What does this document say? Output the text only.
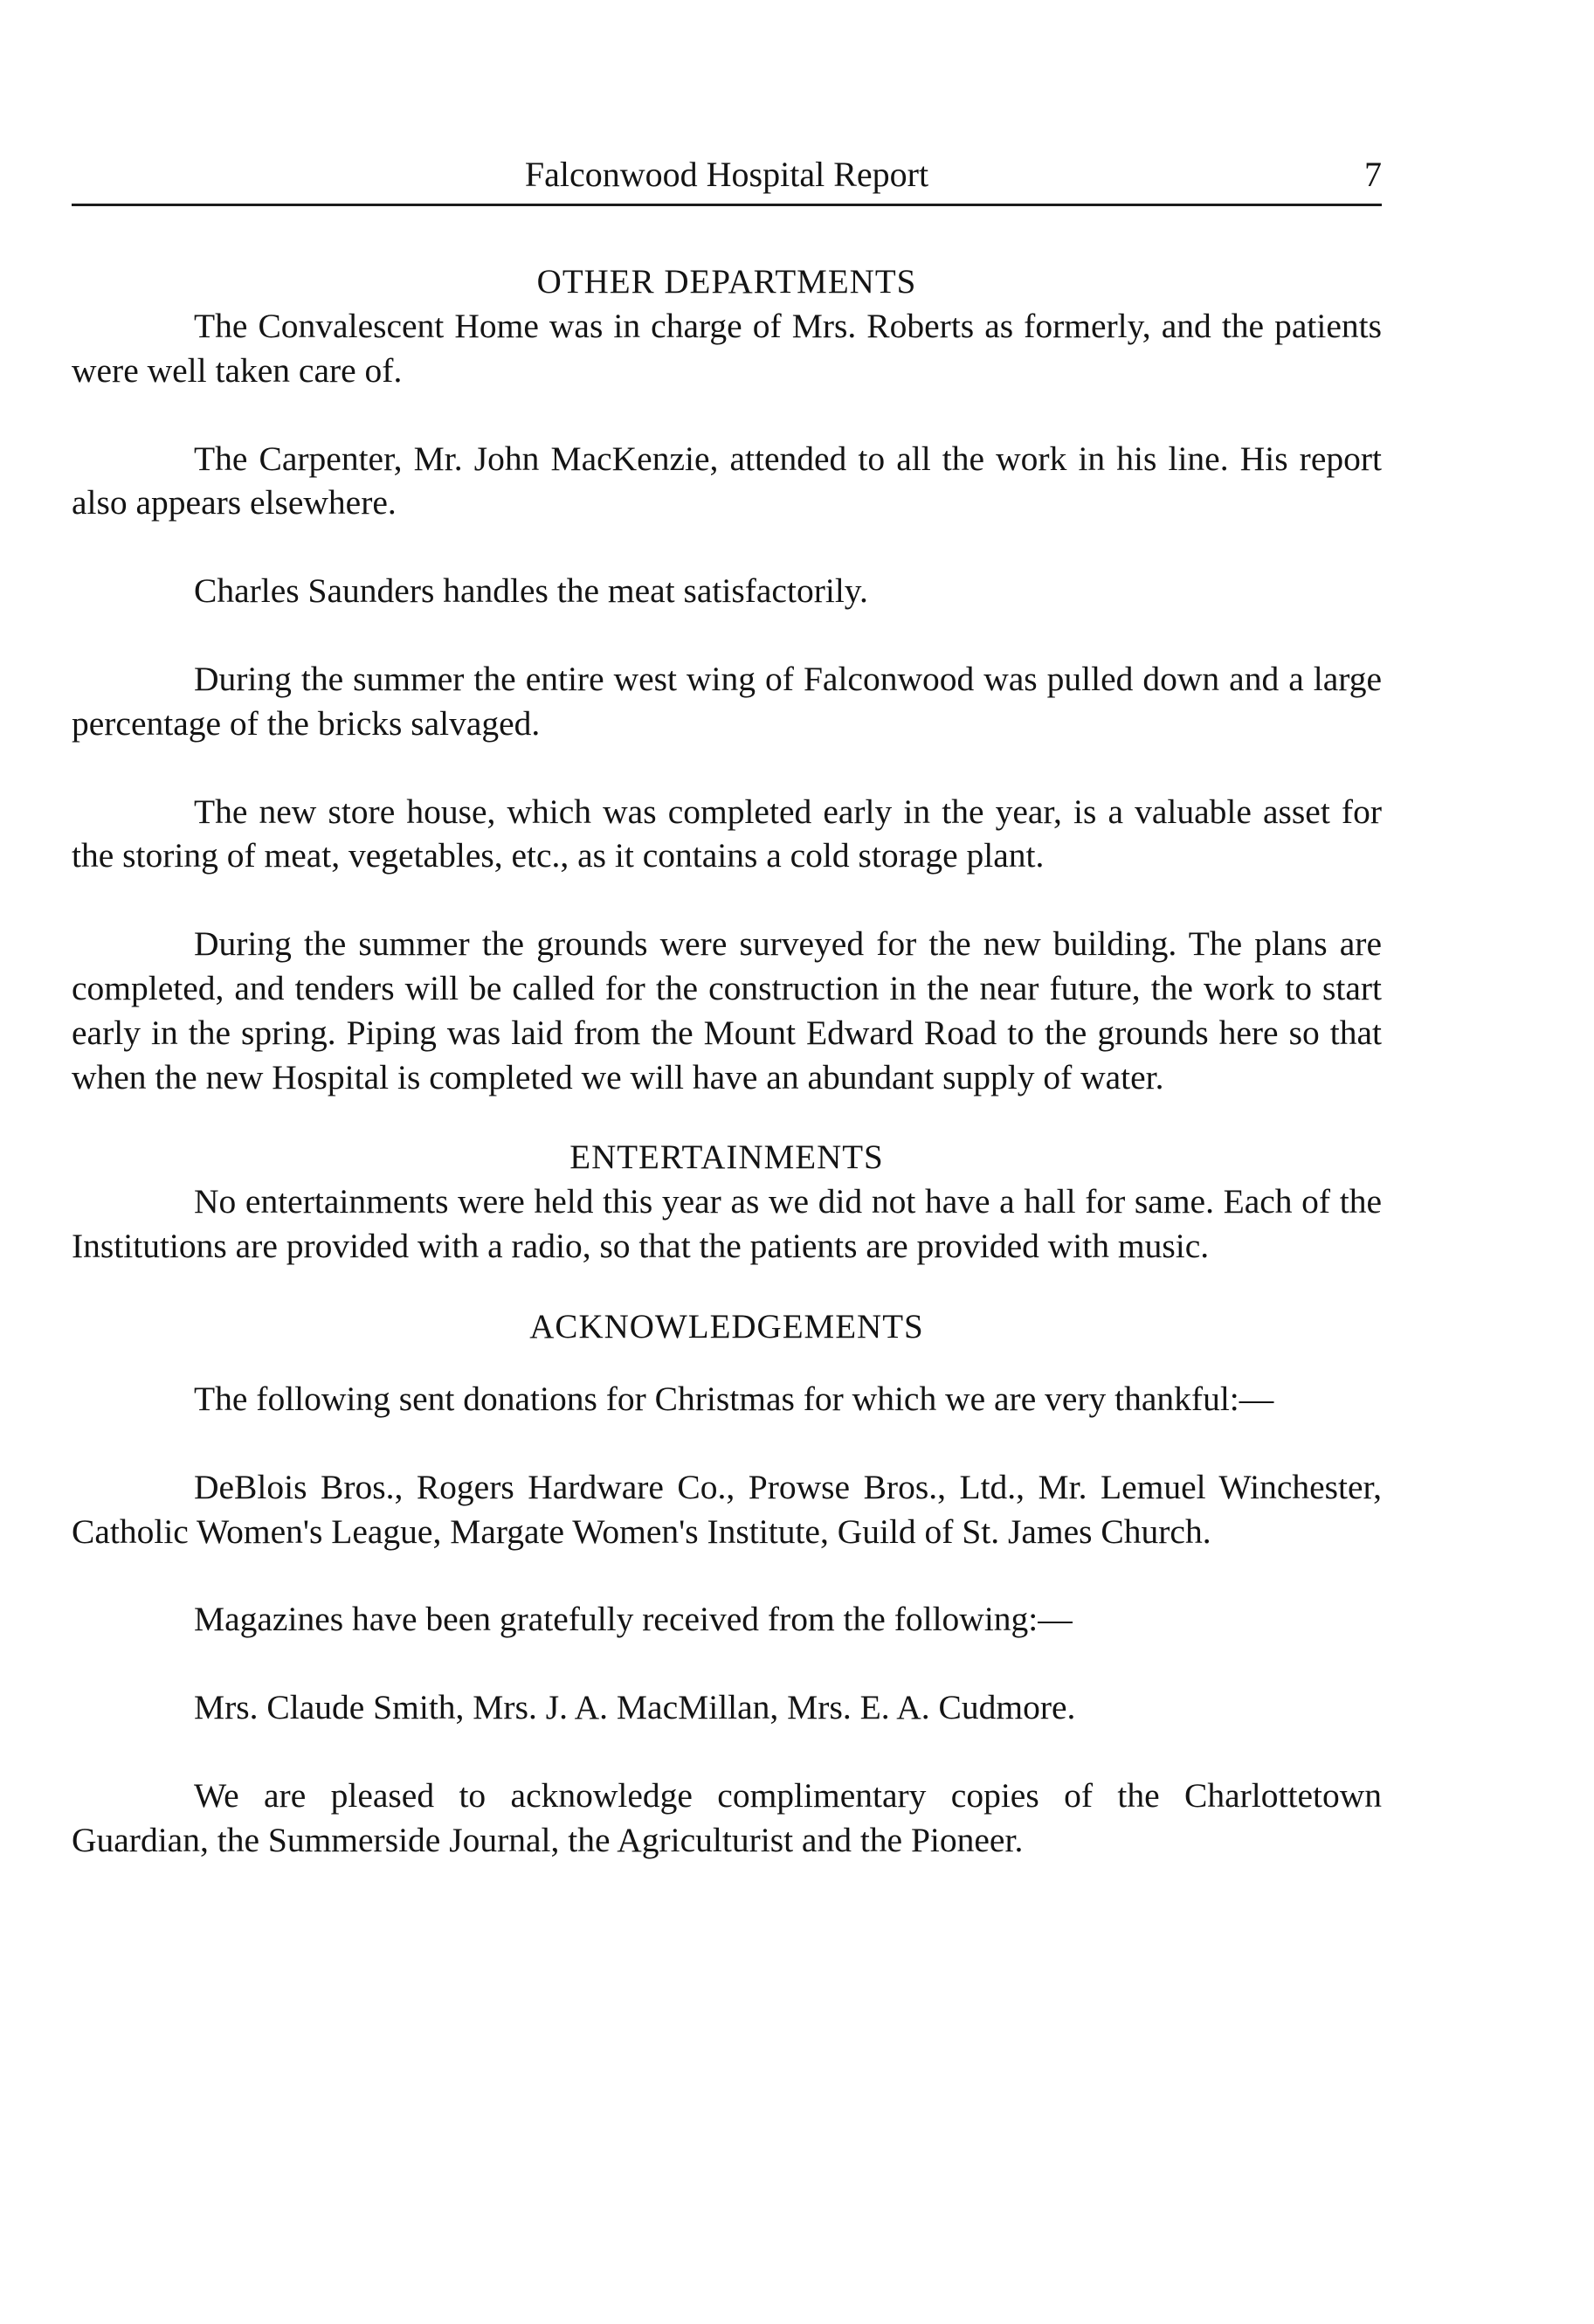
Falconwood Hospital Report	7
OTHER DEPARTMENTS

The Convalescent Home was in charge of Mrs. Roberts as formerly, and the patients were well taken care of.

The Carpenter, Mr. John MacKenzie, attended to all the work in his line. His report also appears elsewhere.

Charles Saunders handles the meat satisfactorily.

During the summer the entire west wing of Falconwood was pulled down and a large percentage of the bricks salvaged.

The new store house, which was completed early in the year, is a valuable asset for the storing of meat, vegetables, etc., as it contains a cold storage plant.

During the summer the grounds were surveyed for the new building. The plans are completed, and tenders will be called for the construction in the near future, the work to start early in the spring. Piping was laid from the Mount Edward Road to the grounds here so that when the new Hospital is completed we will have an abundant supply of water.

ENTERTAINMENTS

No entertainments were held this year as we did not have a hall for same. Each of the Institutions are provided with a radio, so that the patients are provided with music.

ACKNOWLEDGEMENTS

The following sent donations for Christmas for which we are very thankful:—

DeBlois Bros., Rogers Hardware Co., Prowse Bros., Ltd., Mr. Lemuel Winchester, Catholic Women's League, Margate Women's Institute, Guild of St. James Church.

Magazines have been gratefully received from the following:—

Mrs. Claude Smith, Mrs. J. A. MacMillan, Mrs. E. A. Cudmore.

We are pleased to acknowledge complimentary copies of the Charlottetown Guardian, the Summerside Journal, the Agriculturist and the Pioneer.
